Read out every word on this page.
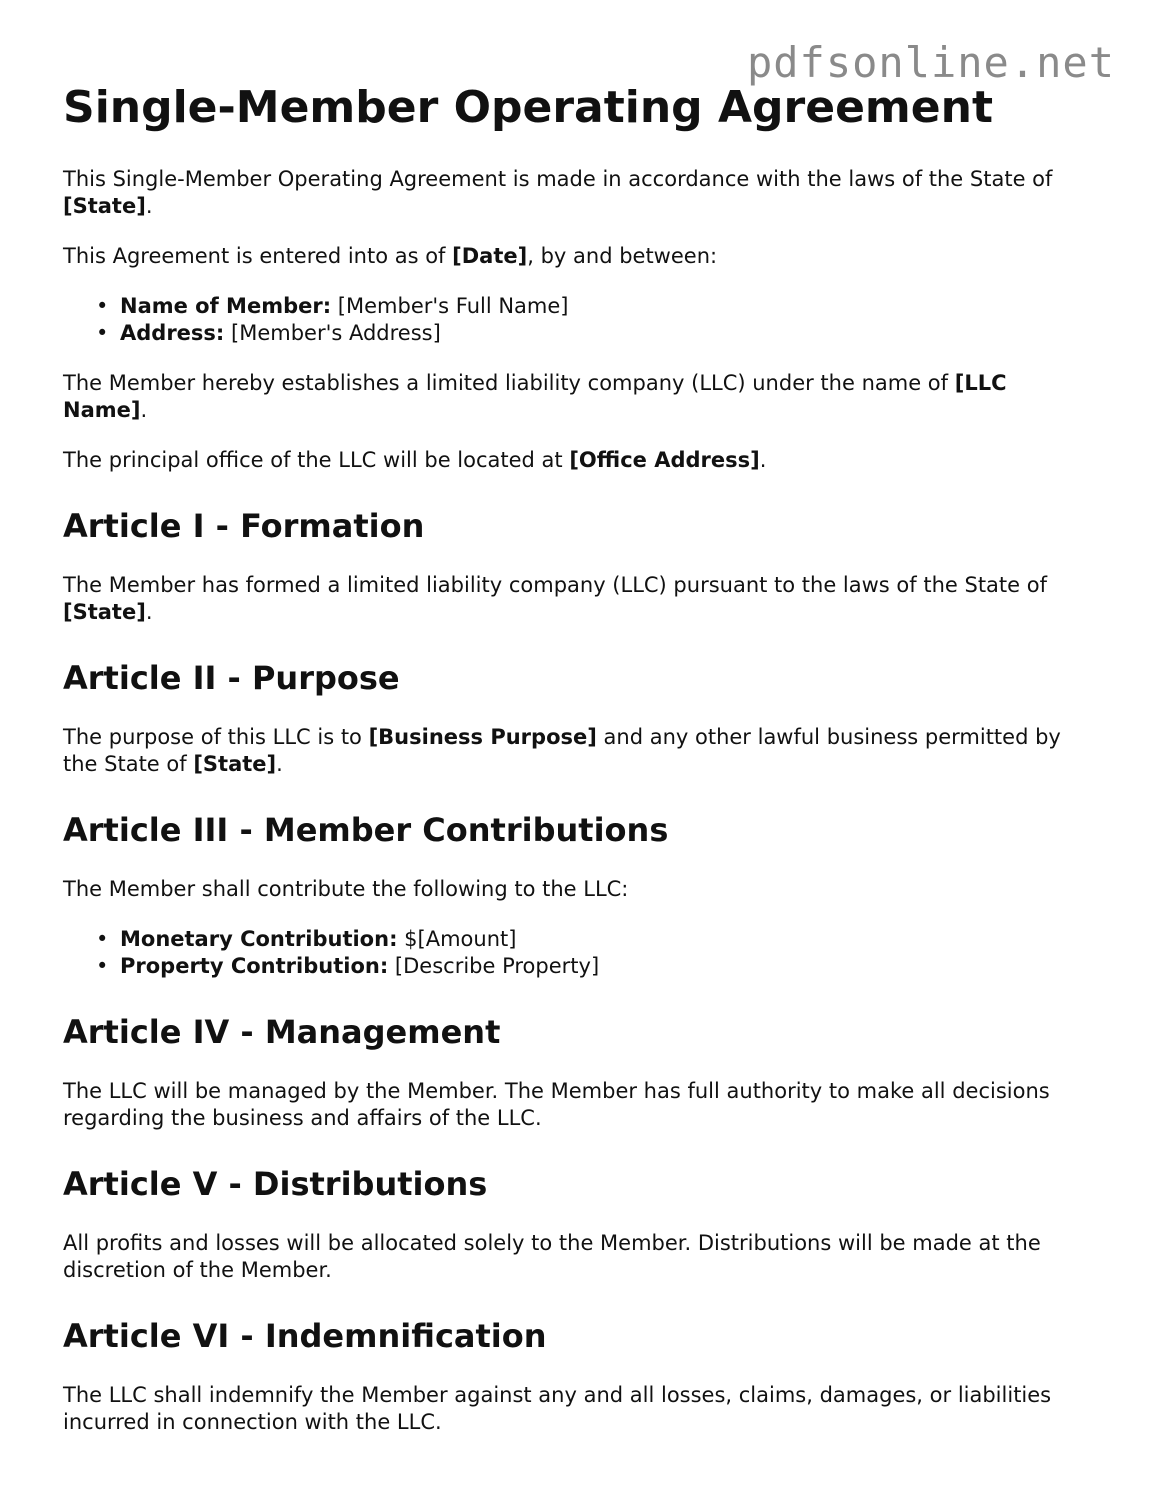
pdfsonline.net
Single-Member Operating Agreement

This Single-Member Operating Agreement is made in accordance with the laws of the State of [State].

This Agreement is entered into as of [Date], by and between:

• Name of Member: [Member's Full Name]
• Address: [Member's Address]

The Member hereby establishes a limited liability company (LLC) under the name of [LLC Name].

The principal office of the LLC will be located at [Office Address].

Article I - Formation

The Member has formed a limited liability company (LLC) pursuant to the laws of the State of [State].

Article II - Purpose

The purpose of this LLC is to [Business Purpose] and any other lawful business permitted by the State of [State].

Article III - Member Contributions

The Member shall contribute the following to the LLC:

• Monetary Contribution: $[Amount]
• Property Contribution: [Describe Property]
Article IV - Management

The LLC will be managed by the Member. The Member has full authority to make all decisions regarding the business and affairs of the LLC.

Article V - Distributions

All profits and losses will be allocated solely to the Member. Distributions will be made at the discretion of the Member.

Article VI - Indemnification

The LLC shall indemnify the Member against any and all losses, claims, damages, or liabilities incurred in connection with the LLC.
